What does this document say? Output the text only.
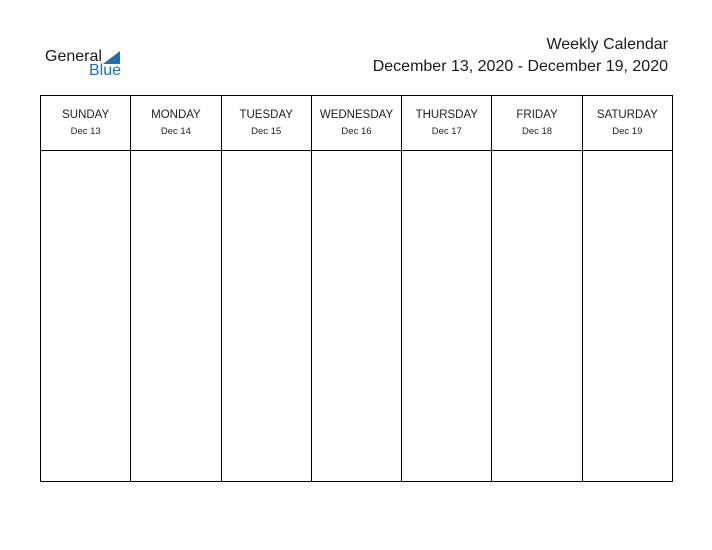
General
Blue
Weekly Calendar
December 13, 2020 - December 19, 2020
SUNDAY
Dec 13
MONDAY
Dec 14
TUESDAY
Dec 15
WEDNESDAY
Dec 16
THURSDAY
Dec 17
FRIDAY
Dec 18
SATURDAY
Dec 19
